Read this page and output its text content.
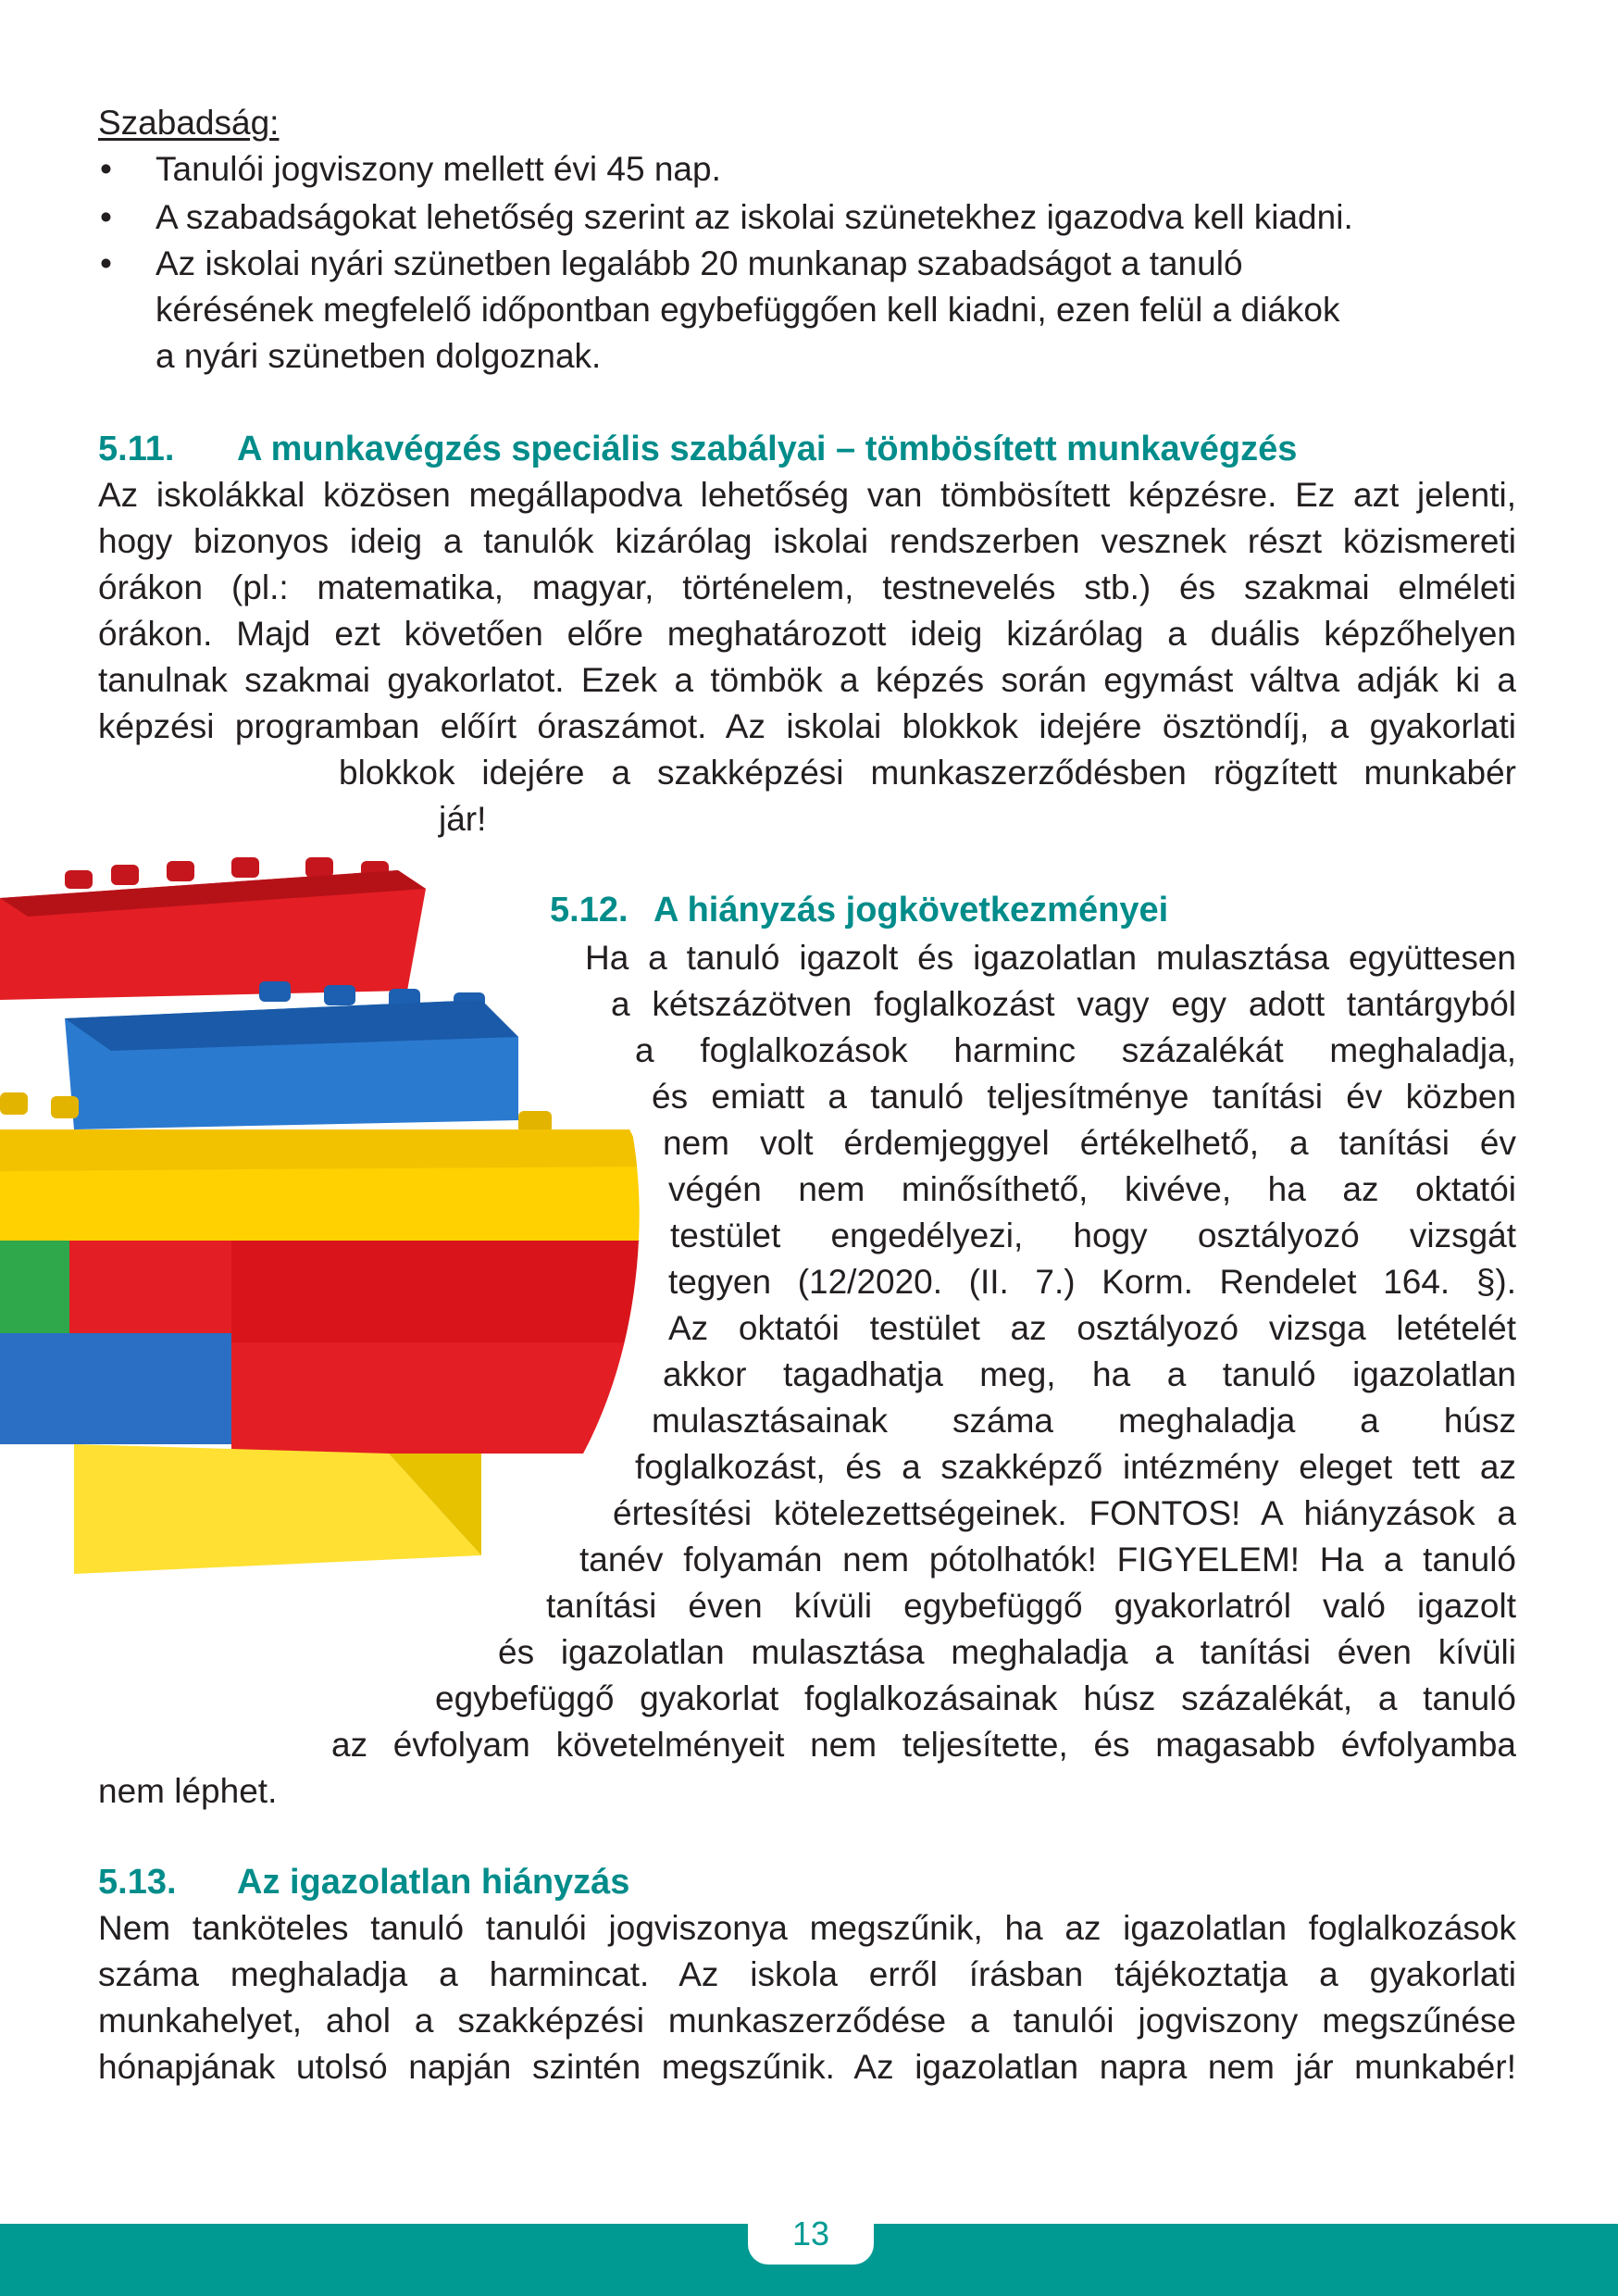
Szabadság:
• Tanulói jogviszony mellett évi 45 nap.
• A szabadságokat lehetőség szerint az iskolai szünetekhez igazodva kell kiadni.
• Az iskolai nyári szünetben legalább 20 munkanap szabadságot a tanuló
kérésének megfelelő időpontban egybefüggően kell kiadni, ezen felül a diákok
a nyári szünetben dolgoznak.
5.11. A munkavégzés speciális szabályai – tömbösített munkavégzés
Az iskolákkal közösen megállapodva lehetőség van tömbösített képzésre. Ez azt jelenti,
hogy bizonyos ideig a tanulók kizárólag iskolai rendszerben vesznek részt közismereti
órákon (pl.: matematika, magyar, történelem, testnevelés stb.) és szakmai elméleti
órákon. Majd ezt követően előre meghatározott ideig kizárólag a duális képzőhelyen
tanulnak szakmai gyakorlatot. Ezek a tömbök a képzés során egymást váltva adják ki a
képzési programban előírt óraszámot. Az iskolai blokkok idejére ösztöndíj, a gyakorlati
blokkok idejére a szakképzési munkaszerződésben rögzített munkabér
jár!
5.12. A hiányzás jogkövetkezményei
Ha a tanuló igazolt és igazolatlan mulasztása együttesen
a kétszázötven foglalkozást vagy egy adott tantárgyból
a foglalkozások harminc százalékát meghaladja,
és emiatt a tanuló teljesítménye tanítási év közben
nem volt érdemjeggyel értékelhető, a tanítási év
végén nem minősíthető, kivéve, ha az oktatói
testület engedélyezi, hogy osztályozó vizsgát
tegyen (12/2020. (II. 7.) Korm. Rendelet 164. §).
Az oktatói testület az osztályozó vizsga letételét
akkor tagadhatja meg, ha a tanuló igazolatlan
mulasztásainak száma meghaladja a húsz
foglalkozást, és a szakképző intézmény eleget tett az
értesítési kötelezettségeinek. FONTOS! A hiányzások a
tanév folyamán nem pótolhatók! FIGYELEM! Ha a tanuló
tanítási éven kívüli egybefüggő gyakorlatról való igazolt
és igazolatlan mulasztása meghaladja a tanítási éven kívüli
egybefüggő gyakorlat foglalkozásainak húsz százalékát, a tanuló
az évfolyam követelményeit nem teljesítette, és magasabb évfolyamba
nem léphet.
5.13. Az igazolatlan hiányzás
Nem tanköteles tanuló tanulói jogviszonya megszűnik, ha az igazolatlan foglalkozások
száma meghaladja a harmincat. Az iskola erről írásban tájékoztatja a gyakorlati
munkahelyet, ahol a szakképzési munkaszerződése a tanulói jogviszony megszűnése
hónapjának utolsó napján szintén megszűnik. Az igazolatlan napra nem jár munkabér!
13
